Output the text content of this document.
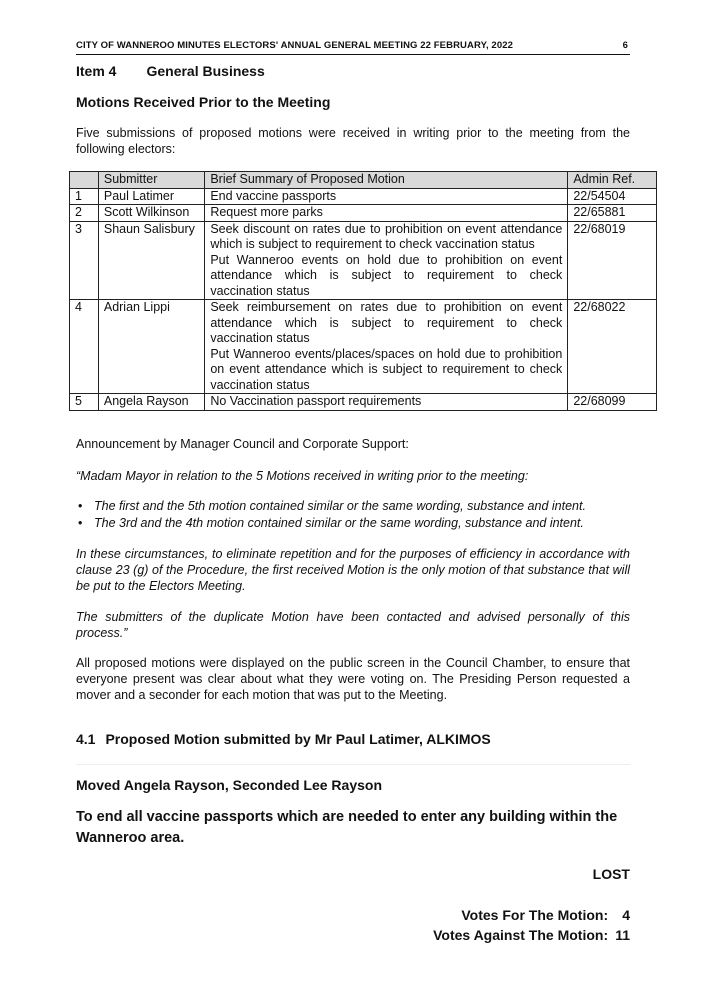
CITY OF WANNEROO MINUTES ELECTORS' ANNUAL GENERAL MEETING 22 FEBRUARY, 2022	6
Item 4 General Business
Motions Received Prior to the Meeting
Five submissions of proposed motions were received in writing prior to the meeting from the following electors:
	Submitter	Brief Summary of Proposed Motion	Admin Ref.
1	Paul Latimer	End vaccine passports	22/54504
2	Scott Wilkinson	Request more parks	22/65881
3	Shaun Salisbury	Seek discount on rates due to prohibition on event attendance which is subject to requirement to check vaccination status
Put Wanneroo events on hold due to prohibition on event attendance which is subject to requirement to check vaccination status	22/68019
4	Adrian Lippi	Seek reimbursement on rates due to prohibition on event attendance which is subject to requirement to check vaccination status
Put Wanneroo events/places/spaces on hold due to prohibition on event attendance which is subject to requirement to check vaccination status	22/68022
5	Angela Rayson	No Vaccination passport requirements	22/68099
Announcement by Manager Council and Corporate Support:
“Madam Mayor in relation to the 5 Motions received in writing prior to the meeting:
• The first and the 5th motion contained similar or the same wording, substance and intent.
• The 3rd and the 4th motion contained similar or the same wording, substance and intent.
In these circumstances, to eliminate repetition and for the purposes of efficiency in accordance with clause 23 (g) of the Procedure, the first received Motion is the only motion of that substance that will be put to the Electors Meeting.
The submitters of the duplicate Motion have been contacted and advised personally of this process.”
All proposed motions were displayed on the public screen in the Council Chamber, to ensure that everyone present was clear about what they were voting on. The Presiding Person requested a mover and a seconder for each motion that was put to the Meeting.
4.1 Proposed Motion submitted by Mr Paul Latimer, ALKIMOS
Moved Angela Rayson, Seconded Lee Rayson
To end all vaccine passports which are needed to enter any building within the Wanneroo area.
LOST
Votes For The Motion: 4
Votes Against The Motion: 11
